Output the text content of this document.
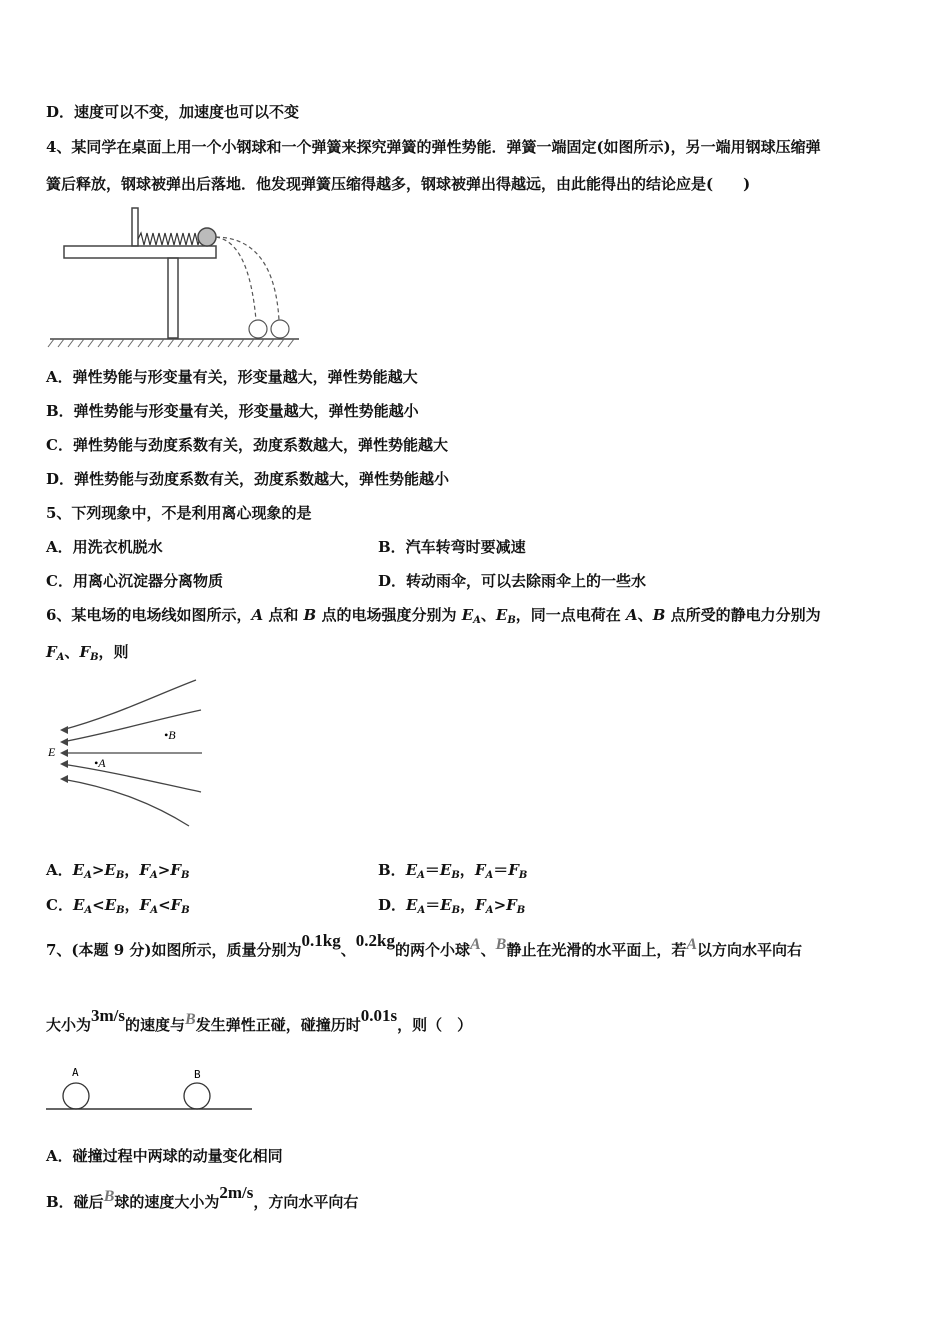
D．速度可以不变，加速度也可以不变
4、某同学在桌面上用一个小钢球和一个弹簧来探究弹簧的弹性势能．弹簧一端固定(如图所示)，另一端用钢球压缩弹
簧后释放，钢球被弹出后落地．他发现弹簧压缩得越多，钢球被弹出得越远，由此能得出的结论应是(　　)
A．弹性势能与形变量有关，形变量越大，弹性势能越大
B．弹性势能与形变量有关，形变量越大，弹性势能越小
C．弹性势能与劲度系数有关，劲度系数越大，弹性势能越大
D．弹性势能与劲度系数有关，劲度系数越大，弹性势能越小
5、下列现象中，不是利用离心现象的是
A．用洗衣机脱水	B．汽车转弯时要减速
C．用离心沉淀器分离物质	D．转动雨伞，可以去除雨伞上的一些水
6、某电场的电场线如图所示，A 点和 B 点的电场强度分别为 $E_A$、$E_B$，同一点电荷在 A、B 点所受的静电力分别为
$F_A$、$F_B$，则
E
•B
•A
A．$E_A>E_B$，$F_A>F_B$	B．$E_A=E_B$，$F_A=F_B$
C．$E_A<E_B$，$F_A<F_B$	D．$E_A=E_B$，$F_A>F_B$
7、(本题 9 分)如图所示，质量分别为0.1kg、0.2kg的两个小球A、B静止在光滑的水平面上，若A以方向水平向右
大小为3m/s的速度与B发生弹性正碰，碰撞历时0.01s，则（　）
A	B
A．碰撞过程中两球的动量变化相同
B．碰后B球的速度大小为2m/s，方向水平向右
